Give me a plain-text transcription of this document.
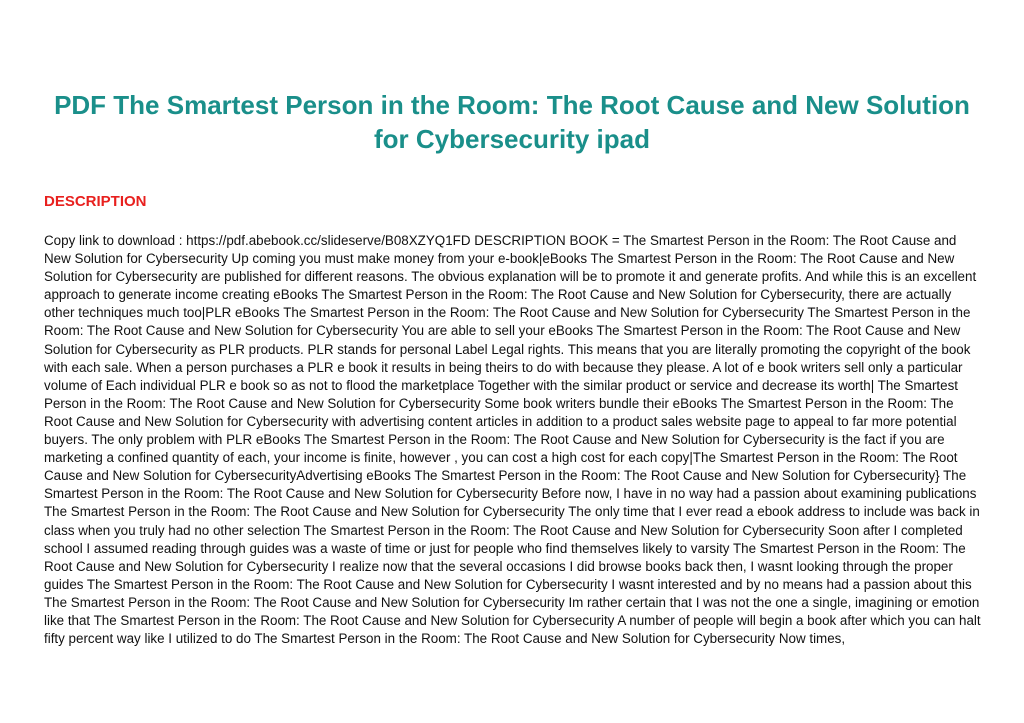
PDF The Smartest Person in the Room: The Root Cause and New Solution for Cybersecurity ipad
DESCRIPTION

Copy link to download : https://pdf.abebook.cc/slideserve/B08XZYQ1FD DESCRIPTION BOOK = The Smartest Person in the Room: The Root Cause and New Solution for Cybersecurity Up coming you must make money from your e-book|eBooks The Smartest Person in the Room: The Root Cause and New Solution for Cybersecurity are published for different reasons. The obvious explanation will be to promote it and generate profits. And while this is an excellent approach to generate income creating eBooks The Smartest Person in the Room: The Root Cause and New Solution for Cybersecurity, there are actually other techniques much too|PLR eBooks The Smartest Person in the Room: The Root Cause and New Solution for Cybersecurity The Smartest Person in the Room: The Root Cause and New Solution for Cybersecurity You are able to sell your eBooks The Smartest Person in the Room: The Root Cause and New Solution for Cybersecurity as PLR products. PLR stands for personal Label Legal rights. This means that you are literally promoting the copyright of the book with each sale. When a person purchases a PLR e book it results in being theirs to do with because they please. A lot of e book writers sell only a particular volume of Each individual PLR e book so as not to flood the marketplace Together with the similar product or service and decrease its worth| The Smartest Person in the Room: The Root Cause and New Solution for Cybersecurity Some book writers bundle their eBooks The Smartest Person in the Room: The Root Cause and New Solution for Cybersecurity with advertising content articles in addition to a product sales website page to appeal to far more potential buyers. The only problem with PLR eBooks The Smartest Person in the Room: The Root Cause and New Solution for Cybersecurity is the fact if you are marketing a confined quantity of each, your income is finite, however , you can cost a high cost for each copy|The Smartest Person in the Room: The Root Cause and New Solution for CybersecurityAdvertising eBooks The Smartest Person in the Room: The Root Cause and New Solution for Cybersecurity} The Smartest Person in the Room: The Root Cause and New Solution for Cybersecurity Before now, I have in no way had a passion about examining publications The Smartest Person in the Room: The Root Cause and New Solution for Cybersecurity The only time that I ever read a ebook address to include was back in class when you truly had no other selection The Smartest Person in the Room: The Root Cause and New Solution for Cybersecurity Soon after I completed school I assumed reading through guides was a waste of time or just for people who find themselves likely to varsity The Smartest Person in the Room: The Root Cause and New Solution for Cybersecurity I realize now that the several occasions I did browse books back then, I wasnt looking through the proper guides The Smartest Person in the Room: The Root Cause and New Solution for Cybersecurity I wasnt interested and by no means had a passion about this The Smartest Person in the Room: The Root Cause and New Solution for Cybersecurity Im rather certain that I was not the one a single, imagining or emotion like that The Smartest Person in the Room: The Root Cause and New Solution for Cybersecurity A number of people will begin a book after which you can halt fifty percent way like I utilized to do The Smartest Person in the Room: The Root Cause and New Solution for Cybersecurity Now times,
